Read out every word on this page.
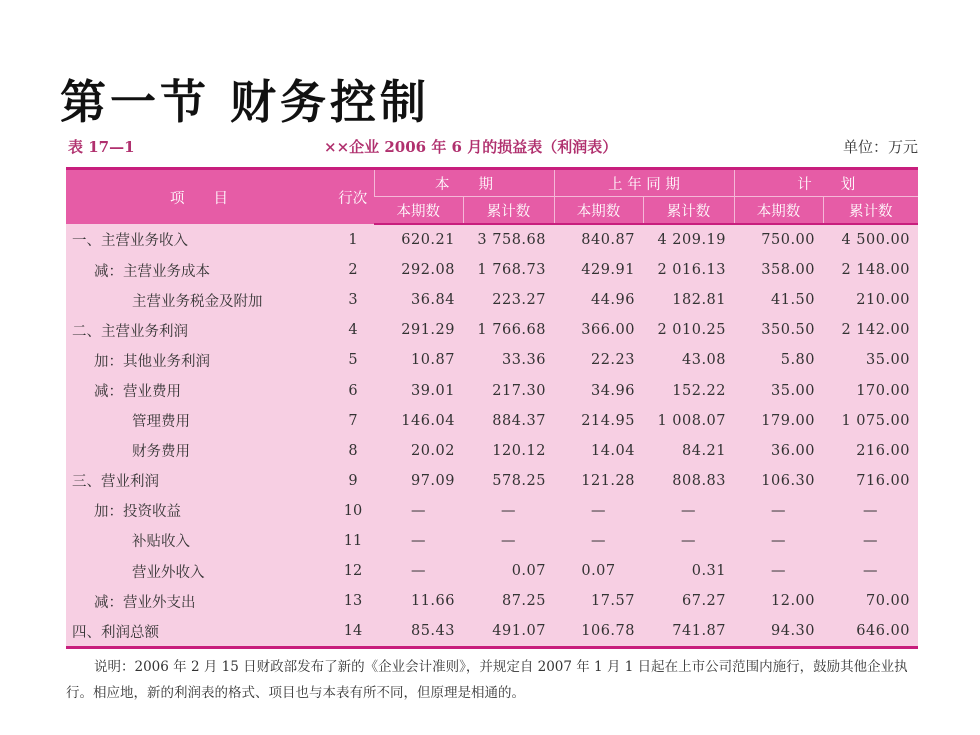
第一节 财务控制
表 17—1	××企业 2006 年 6 月的损益表（利润表）	单位：万元
项　　目	行次	本　　期		上 年 同 期		计　　划	
		本期数	累计数	本期数	累计数	本期数	累计数
一、主营业务收入	1	620.21	3 758.68	840.87	4 209.19	750.00	4 500.00
减：主营业务成本	2	292.08	1 768.73	429.91	2 016.13	358.00	2 148.00
主营业务税金及附加	3	36.84	223.27	44.96	182.81	41.50	210.00
二、主营业务利润	4	291.29	1 766.68	366.00	2 010.25	350.50	2 142.00
加：其他业务利润	5	10.87	33.36	22.23	43.08	5.80	35.00
减：营业费用	6	39.01	217.30	34.96	152.22	35.00	170.00
管理费用	7	146.04	884.37	214.95	1 008.07	179.00	1 075.00
财务费用	8	20.02	120.12	14.04	84.21	36.00	216.00
三、营业利润	9	97.09	578.25	121.28	808.83	106.30	716.00
加：投资收益	10	—	—	—	—	—	—
补贴收入	11	—	—	—	—	—	—
营业外收入	12	—	0.07	0.07	0.31	—	—
减：营业外支出	13	11.66	87.25	17.57	67.27	12.00	70.00
四、利润总额	14	85.43	491.07	106.78	741.87	94.30	646.00
说明：2006 年 2 月 15 日财政部发布了新的《企业会计准则》，并规定自 2007 年 1 月 1 日起在上市公司范围内施行，鼓励其他企业执行。相应地，新的利润表的格式、项目也与本表有所不同，但原理是相通的。
